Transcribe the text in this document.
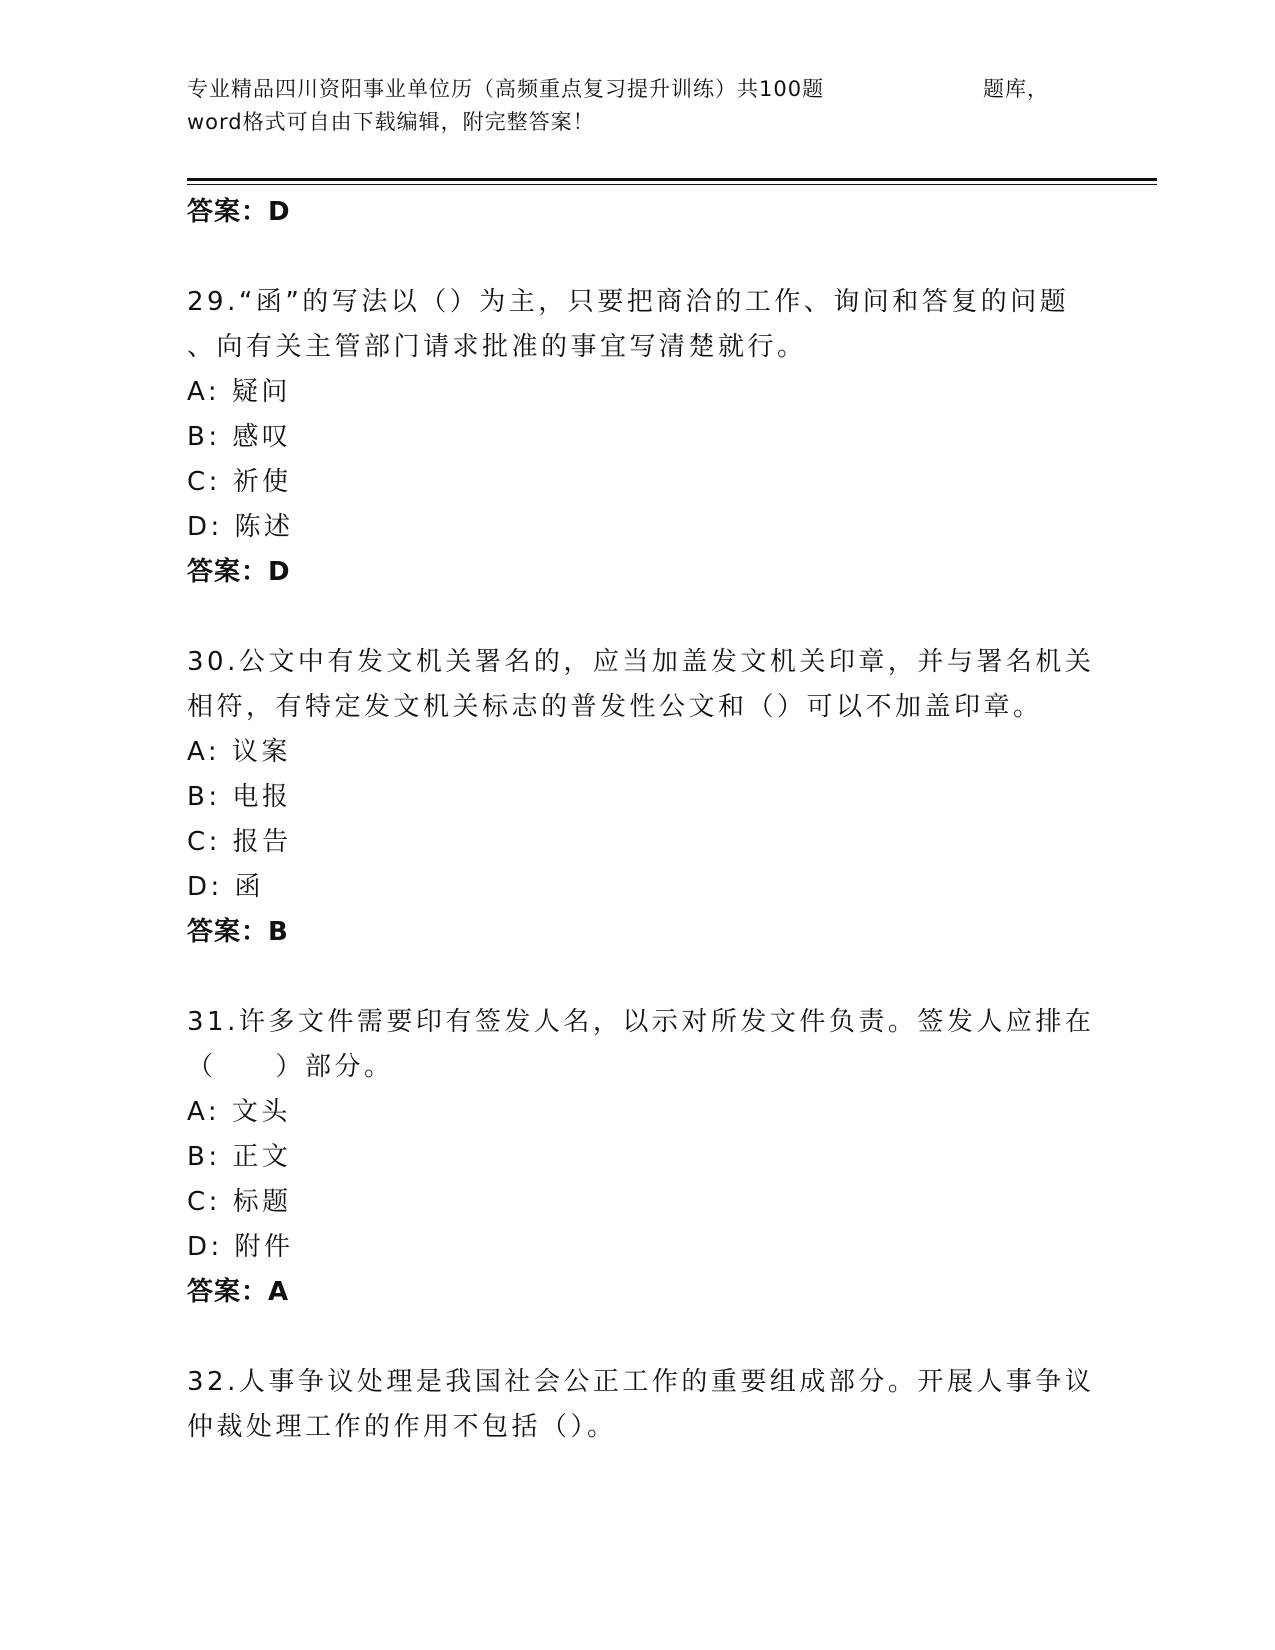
专业精品四川资阳事业单位历（高频重点复习提升训练）共100题	题库，
word格式可自由下载编辑，附完整答案！
答案：D
29.“函”的写法以（）为主，只要把商洽的工作、询问和答复的问题
、向有关主管部门请求批准的事宜写清楚就行。
A: 疑问
B: 感叹
C: 祈使
D: 陈述
答案：D
30.公文中有发文机关署名的，应当加盖发文机关印章，并与署名机关
相符，有特定发文机关标志的普发性公文和（）可以不加盖印章。
A: 议案
B: 电报
C: 报告
D: 函
答案：B
31.许多文件需要印有签发人名，以示对所发文件负责。签发人应排在
（　　）部分。
A: 文头
B: 正文
C: 标题
D: 附件
答案：A
32.人事争议处理是我国社会公正工作的重要组成部分。开展人事争议
仲裁处理工作的作用不包括（）。
